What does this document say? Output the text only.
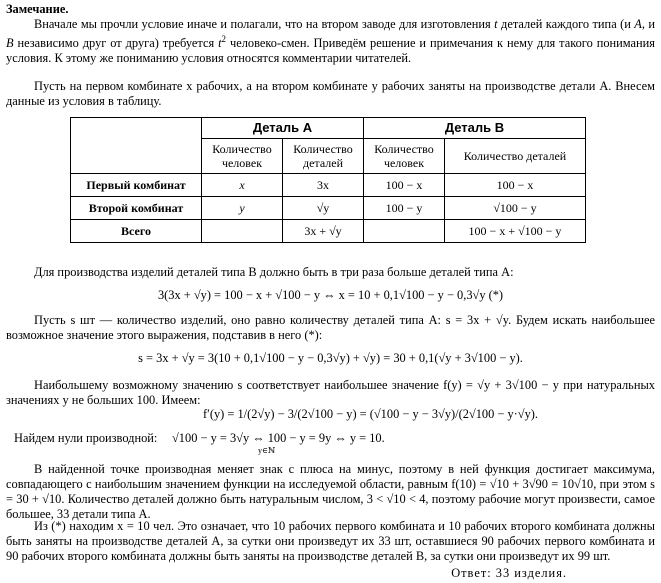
Замечание.
Вначале мы прочли условие иначе и полагали, что на втором заводе для изготовления t деталей каждого типа (и А, и В незавиcимо друг от друга) требуется $t^2$ человеко-смен. Приведём решение и примечания к нему для такого понимания условия. К этому же пониманию условия относятся комментарии читателей.
Пусть на первом комбинате x рабочих, а на втором комбинате y рабочих заняты на производстве детали А. Внесем данные из условия в таблицу.
	Деталь А		Деталь В	
	Количество человек	Количество деталей	Количество человек	Количество деталей
Первый комбинат	x	3x	100 − x	100 − x
Второй комбинат	y	√y	100 − y	√100 − y
Всего		3x + √y		100 − x + √100 − y
Для производства изделий деталей типа В должно быть в три раза больше деталей типа А:
3(3x + √y) = 100 − x + √100 − y ⇔ x = 10 + 0,1√100 − y − 0,3√y (*)
Пусть s шт — количество изделий, оно равно количеству деталей типа А: s = 3x + √y. Будем искать наибольшее возможное значение этого выражения, подставив в него (*):
s = 3x + √y = 3(10 + 0,1√100 − y − 0,3√y) + √y) = 30 + 0,1(√y + 3√100 − y).
Наибольшему возможному значению s соответствует наибольшее значение f(y) = √y + 3√100 − y при натуральных значениях y не больших 100. Имеем:
f′(y) = 1/(2√y) − 3/(2√100 − y) = (√100 − y − 3√y)/(2√100 − y·√y).
Найдем нули производной: √100 − y = 3√y ⇔ 100 − y = 9y ⇔ y = 10.
y∈ℕ
В найденной точке производная меняет знак с плюса на минус, поэтому в ней функция достигает максимума, совпадающего с наибольшим значением функции на исследуемой области, равным f(10) = √10 + 3√90 = 10√10, при этом s = 30 + √10. Количество деталей должно быть натуральным числом, 3 < √10 < 4, поэтому рабочие могут произвести, самое большее, 33 детали типа А.
Из (*) находим x = 10 чел. Это означает, что 10 рабочих первого комбината и 10 рабочих второго комбината должны быть заняты на производстве деталей А, за сутки они произведут их 33 шт, оставшиеся 90 рабочих первого комбината и 90 рабочих второго комбината должны быть заняты на производстве деталей В, за сутки они произведут их 99 шт.
Ответ: 33 изделия.
